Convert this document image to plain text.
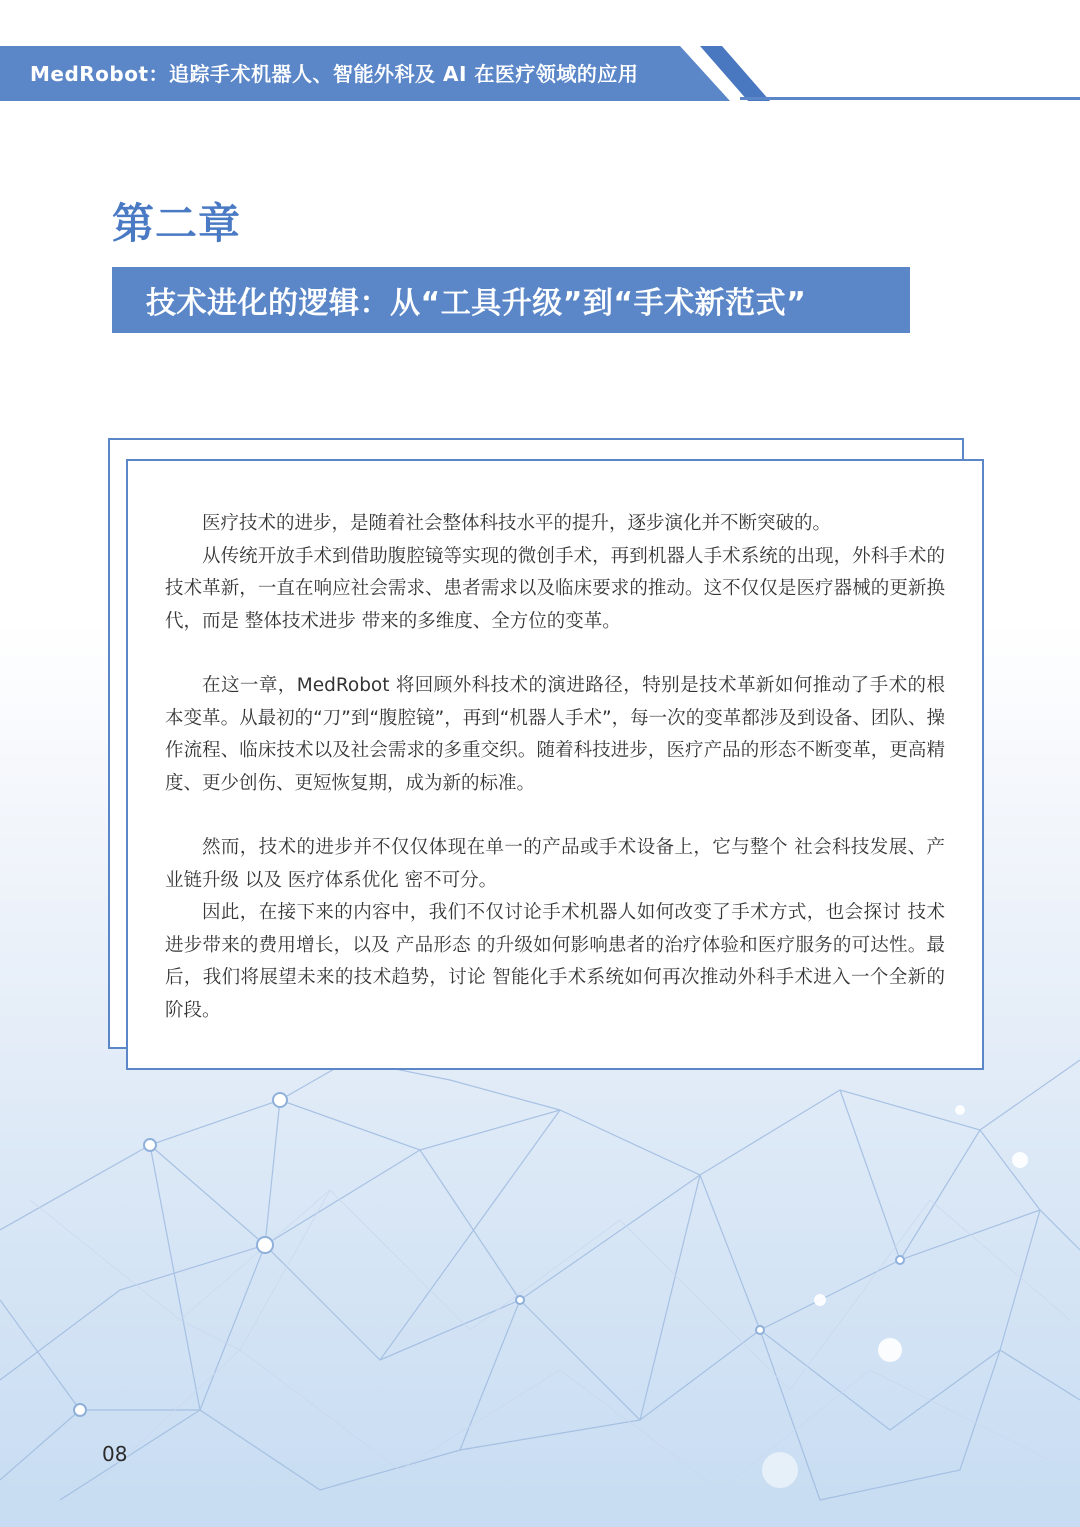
MedRobot：追踪手术机器人、智能外科及 AI 在医疗领域的应用
第二章
技术进化的逻辑：从“工具升级”到“手术新范式”

医疗技术的进步，是随着社会整体科技水平的提升，逐步演化并不断突破的。

从传统开放手术到借助腹腔镜等实现的微创手术，再到机器人手术系统的出现，外科手术的技术革新，一直在响应社会需求、患者需求以及临床要求的推动。这不仅仅是医疗器械的更新换代，而是 整体技术进步 带来的多维度、全方位的变革。

在这一章，MedRobot 将回顾外科技术的演进路径，特别是技术革新如何推动了手术的根本变革。从最初的“刀”到“腹腔镜”，再到“机器人手术”，每一次的变革都涉及到设备、团队、操作流程、临床技术以及社会需求的多重交织。随着科技进步，医疗产品的形态不断变革，更高精度、更少创伤、更短恢复期，成为新的标准。

然而，技术的进步并不仅仅体现在单一的产品或手术设备上，它与整个 社会科技发展、产业链升级 以及 医疗体系优化 密不可分。

因此，在接下来的内容中，我们不仅讨论手术机器人如何改变了手术方式，也会探讨 技术进步带来的费用增长，以及 产品形态 的升级如何影响患者的治疗体验和医疗服务的可达性。最后，我们将展望未来的技术趋势，讨论 智能化手术系统如何再次推动外科手术进入一个全新的阶段。

08
